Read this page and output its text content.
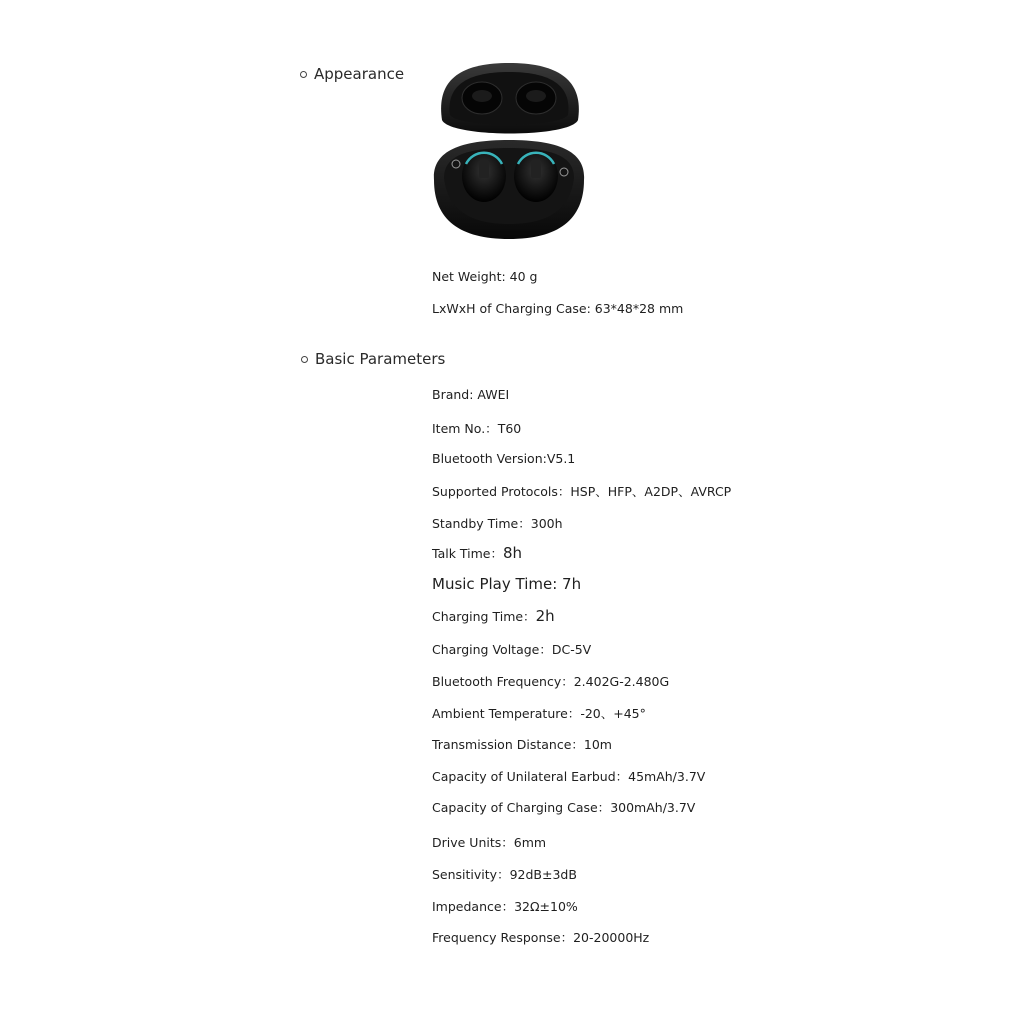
Appearance
Net Weight: 40 g
LxWxH of Charging Case: 63*48*28 mm
Basic Parameters
Brand: AWEI
Item No.：T60
Bluetooth Version:V5.1
Supported Protocols：HSP、HFP、A2DP、AVRCP
Standby Time：300h
Talk Time：8h
Music Play Time: 7h
Charging Time：2h
Charging Voltage：DC-5V
Bluetooth Frequency：2.402G-2.480G
Ambient Temperature：-20、+45°
Transmission Distance：10m
Capacity of Unilateral Earbud：45mAh/3.7V
Capacity of Charging Case：300mAh/3.7V
Drive Units：6mm
Sensitivity：92dB±3dB
Impedance：32Ω±10%
Frequency Response：20-20000Hz
